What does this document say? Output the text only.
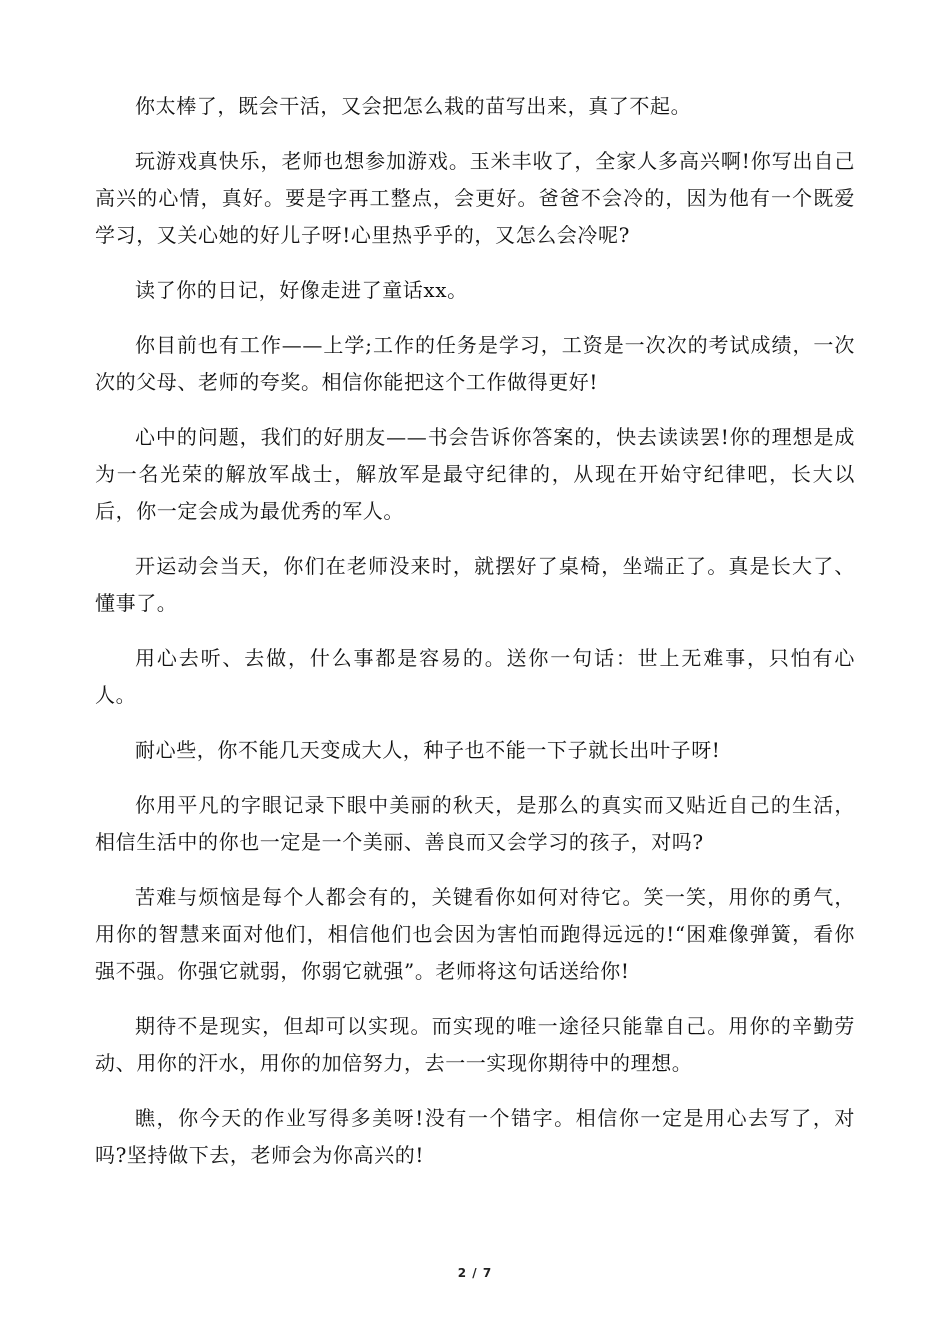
你太棒了，既会干活，又会把怎么栽的苗写出来，真了不起。

玩游戏真快乐，老师也想参加游戏。玉米丰收了，全家人多高兴啊!你写出自己高兴的心情，真好。要是字再工整点，会更好。爸爸不会冷的，因为他有一个既爱学习，又关心她的好儿子呀!心里热乎乎的，又怎么会冷呢?

读了你的日记，好像走进了童话xx。

你目前也有工作——上学;工作的任务是学习，工资是一次次的考试成绩，一次次的父母、老师的夸奖。相信你能把这个工作做得更好!

心中的问题，我们的好朋友——书会告诉你答案的，快去读读罢!你的理想是成为一名光荣的解放军战士，解放军是最守纪律的，从现在开始守纪律吧，长大以后，你一定会成为最优秀的军人。

开运动会当天，你们在老师没来时，就摆好了桌椅，坐端正了。真是长大了、懂事了。

用心去听、去做，什么事都是容易的。送你一句话：世上无难事，只怕有心人。

耐心些，你不能几天变成大人，种子也不能一下子就长出叶子呀!

你用平凡的字眼记录下眼中美丽的秋天，是那么的真实而又贴近自己的生活，相信生活中的你也一定是一个美丽、善良而又会学习的孩子，对吗?

苦难与烦恼是每个人都会有的，关键看你如何对待它。笑一笑，用你的勇气，用你的智慧来面对他们，相信他们也会因为害怕而跑得远远的!“困难像弹簧，看你强不强。你强它就弱，你弱它就强”。老师将这句话送给你!

期待不是现实，但却可以实现。而实现的唯一途径只能靠自己。用你的辛勤劳动、用你的汗水，用你的加倍努力，去一一实现你期待中的理想。

瞧，你今天的作业写得多美呀!没有一个错字。相信你一定是用心去写了，对吗?坚持做下去，老师会为你高兴的!

2 / 7
